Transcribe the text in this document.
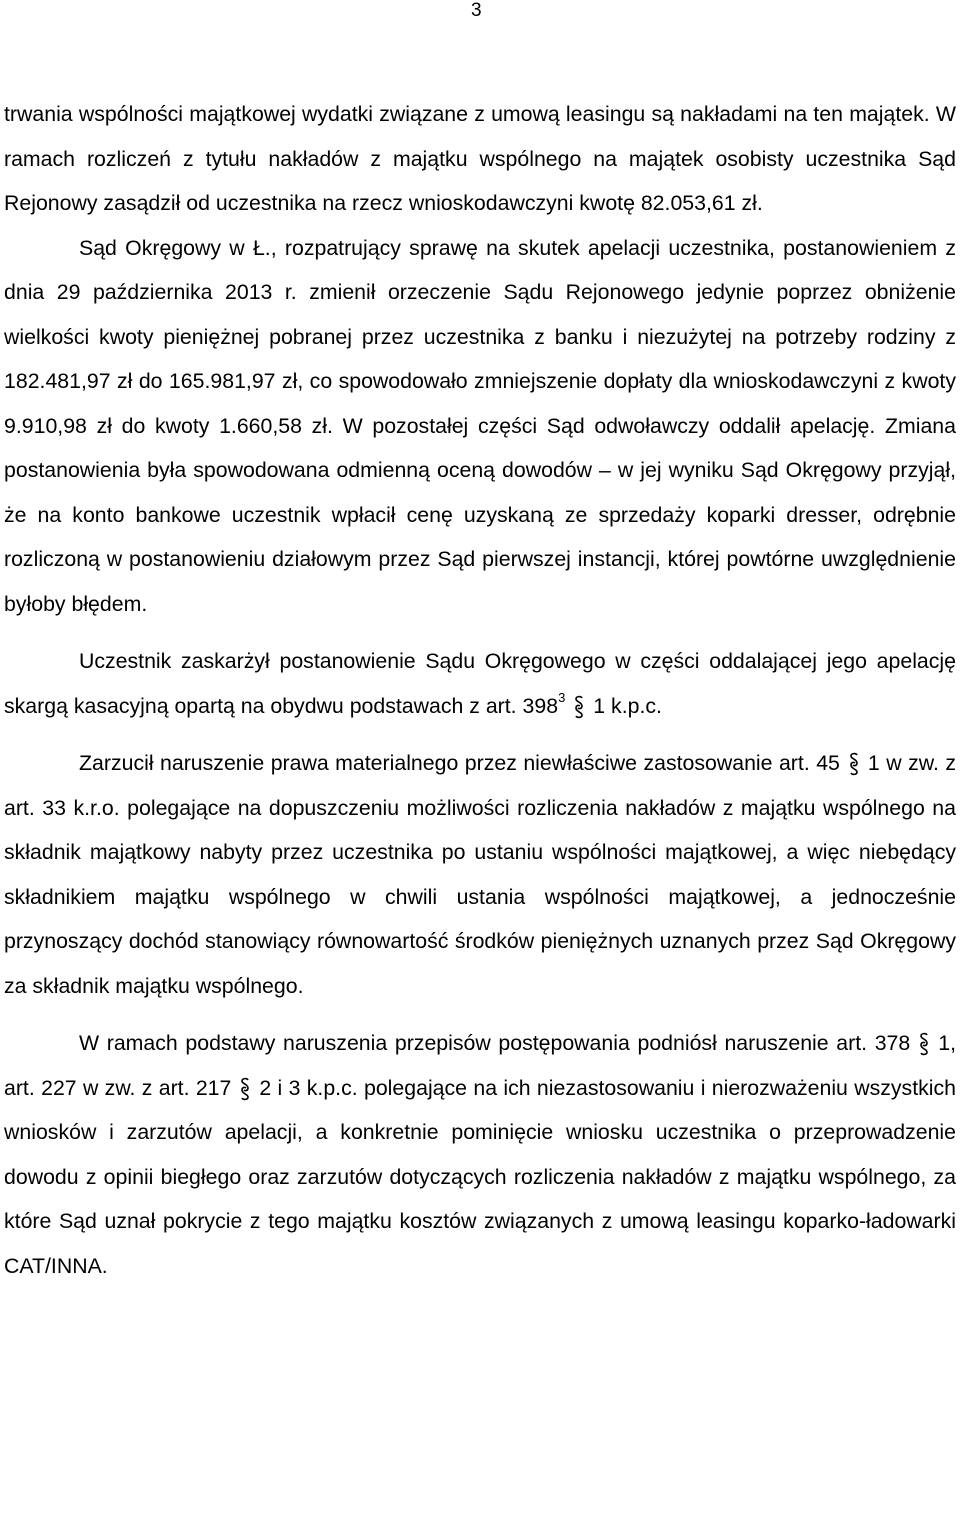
3

trwania wspólności majątkowej wydatki związane z umową leasingu są nakładami na ten majątek. W ramach rozliczeń z tytułu nakładów z majątku wspólnego na majątek osobisty uczestnika Sąd Rejonowy zasądził od uczestnika na rzecz wnioskodawczyni kwotę 82.053,61 zł.

Sąd Okręgowy w Ł., rozpatrujący sprawę na skutek apelacji uczestnika, postanowieniem z dnia 29 października 2013 r. zmienił orzeczenie Sądu Rejonowego jedynie poprzez obniżenie wielkości kwoty pieniężnej pobranej przez uczestnika z banku i niezużytej na potrzeby rodziny z 182.481,97 zł do 165.981,97 zł, co spowodowało zmniejszenie dopłaty dla wnioskodawczyni z kwoty 9.910,98 zł do kwoty 1.660,58 zł. W pozostałej części Sąd odwoławczy oddalił apelację. Zmiana postanowienia była spowodowana odmienną oceną dowodów – w jej wyniku Sąd Okręgowy przyjął, że na konto bankowe uczestnik wpłacił cenę uzyskaną ze sprzedaży koparki dresser, odrębnie rozliczoną w postanowieniu działowym przez Sąd pierwszej instancji, której powtórne uwzględnienie byłoby błędem.

Uczestnik zaskarżył postanowienie Sądu Okręgowego w części oddalającej jego apelację skargą kasacyjną opartą na obydwu podstawach z art. $398^3$ 1 k.p.c.

Zarzucił naruszenie prawa materialnego przez niewłaściwe zastosowanie art. 45 1 w zw. z art. 33 k.r.o. polegające na dopuszczeniu możliwości rozliczenia nakładów z majątku wspólnego na składnik majątkowy nabyty przez uczestnika po ustaniu wspólności majątkowej, a więc niebędący składnikiem majątku wspólnego w chwili ustania wspólności majątkowej, a jednocześnie przynoszący dochód stanowiący równowartość środków pieniężnych uznanych przez Sąd Okręgowy za składnik majątku wspólnego.

W ramach podstawy naruszenia przepisów postępowania podniósł naruszenie art. 378 1, art. 227 w zw. z art. 217 2 i 3 k.p.c. polegające na ich niezastosowaniu i nierozważeniu wszystkich wniosków i zarzutów apelacji, a konkretnie pominięcie wniosku uczestnika o przeprowadzenie dowodu z opinii biegłego oraz zarzutów dotyczących rozliczenia nakładów z majątku wspólnego, za które Sąd uznał pokrycie z tego majątku kosztów związanych z umową leasingu koparko-ładowarki CAT/INNA.
